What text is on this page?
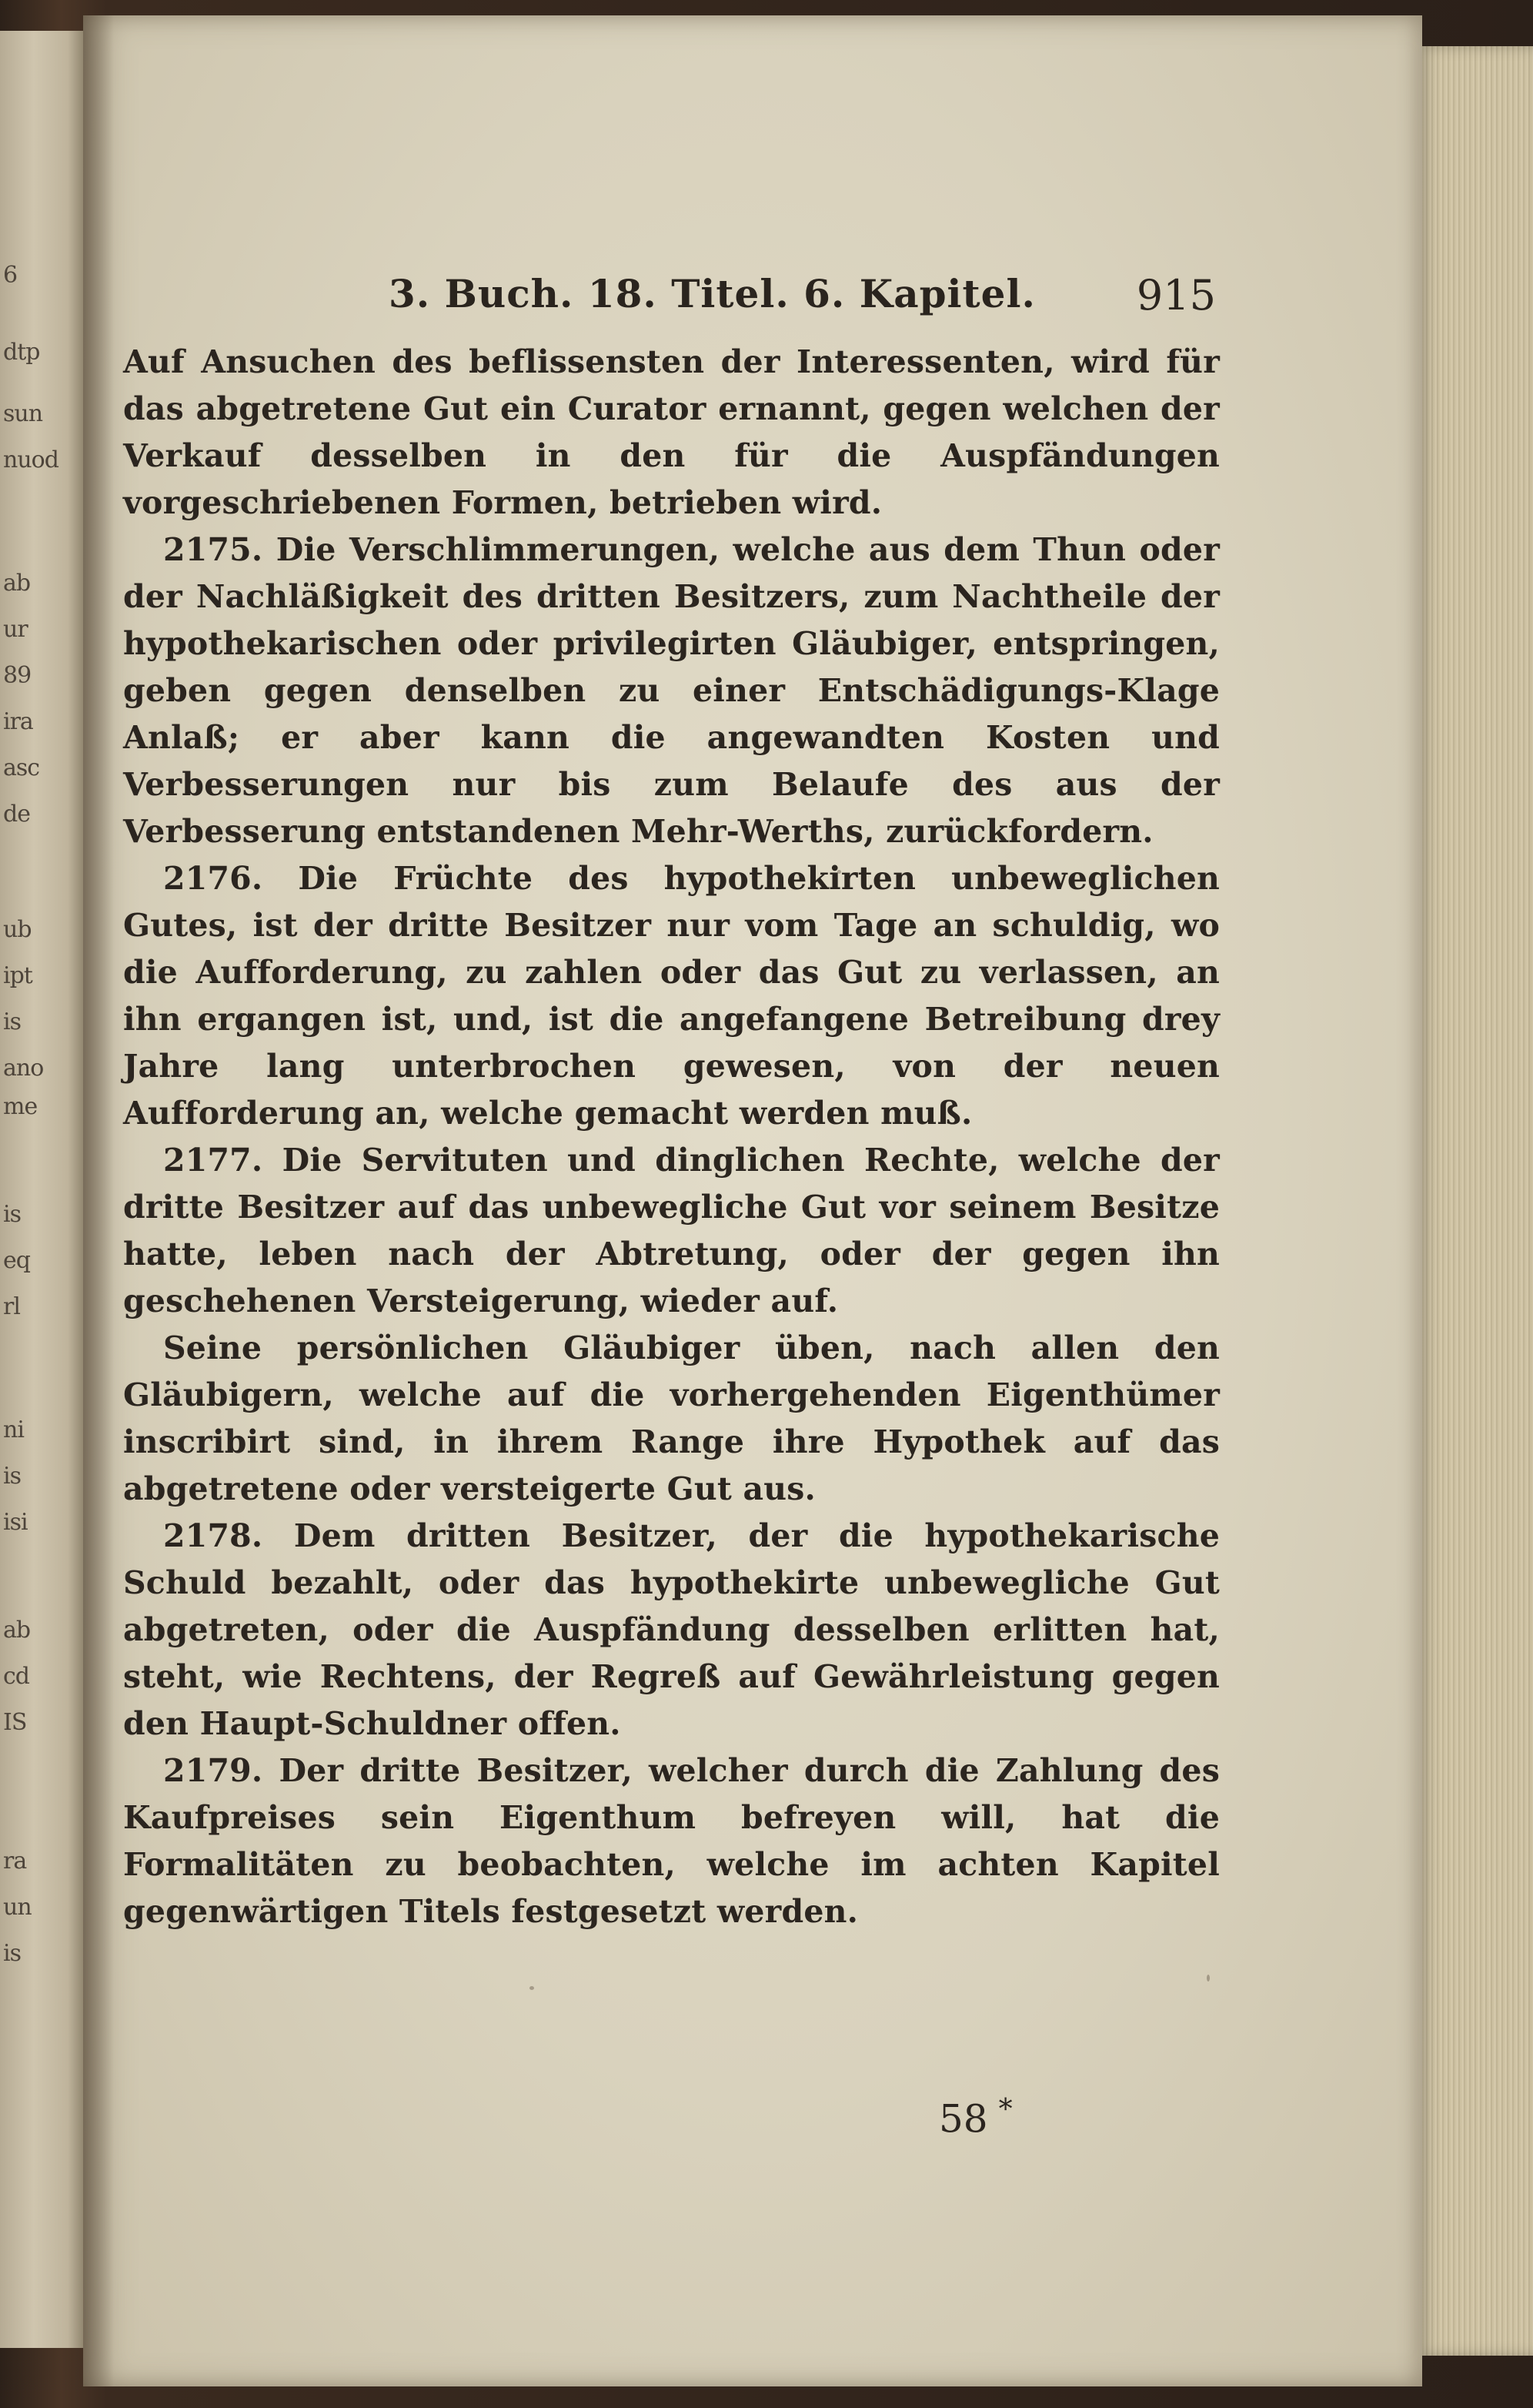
6
dtp
sun
nuod
ab
ur
89
ira
asc
de
ub
ipt
is
ano
me
is
eq
rl
ni
is
isi
ab
cd
IS
ra
un
is
3. Buch. 18. Titel. 6. Kapitel. 915

Auf Ansuchen des beflissensten der Interessenten, wird für das abgetretene Gut ein Curator ernannt, gegen welchen der Verkauf desselben in den für die Auspfändungen vorgeschriebenen Formen, betrieben wird.

2175. Die Verschlimmerungen, welche aus dem Thun oder der Nachläßigkeit des dritten Besitzers, zum Nachtheile der hypothekarischen oder privilegirten Gläubiger, entspringen, geben gegen denselben zu einer Entschädigungs-Klage Anlaß; er aber kann die angewandten Kosten und Verbesserungen nur bis zum Belaufe des aus der Verbesserung entstandenen Mehr-Werths, zurückfordern.

2176. Die Früchte des hypothekirten unbeweglichen Gutes, ist der dritte Besitzer nur vom Tage an schuldig, wo die Aufforderung, zu zahlen oder das Gut zu verlassen, an ihn ergangen ist, und, ist die angefangene Betreibung drey Jahre lang unterbrochen gewesen, von der neuen Aufforderung an, welche gemacht werden muß.

2177. Die Servituten und dinglichen Rechte, welche der dritte Besitzer auf das unbewegliche Gut vor seinem Besitze hatte, leben nach der Abtretung, oder der gegen ihn geschehenen Versteigerung, wieder auf.

Seine persönlichen Gläubiger üben, nach allen den Gläubigern, welche auf die vorhergehenden Eigenthümer inscribirt sind, in ihrem Range ihre Hypothek auf das abgetretene oder versteigerte Gut aus.

2178. Dem dritten Besitzer, der die hypothekarische Schuld bezahlt, oder das hypothekirte unbewegliche Gut abgetreten, oder die Auspfändung desselben erlitten hat, steht, wie Rechtens, der Regreß auf Gewährleistung gegen den Haupt-Schuldner offen.

2179. Der dritte Besitzer, welcher durch die Zahlung des Kaufpreises sein Eigenthum befreyen will, hat die Formalitäten zu beobachten, welche im achten Kapitel gegenwärtigen Titels festgesetzt werden.

58 *
